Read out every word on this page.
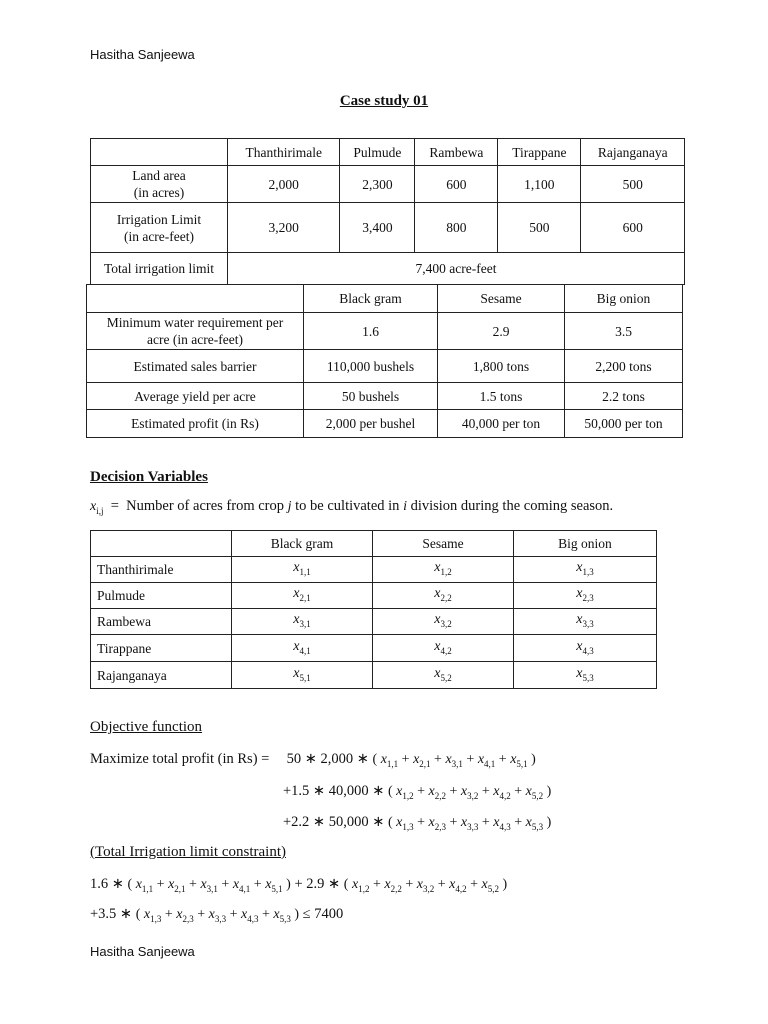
Hasitha Sanjeewa
Case study 01
	Thanthirimale	Pulmude	Rambewa	Tirappane	Rajanganaya
Land area
(in acres)	2,000	2,300	600	1,100	500
Irrigation Limit
(in acre-feet)	3,200	3,400	800	500	600
Total irrigation limit	7,400 acre-feet				
	Black gram	Sesame	Big onion
Minimum water requirement per
acre (in acre-feet)	1.6	2.9	3.5
Estimated sales barrier	110,000 bushels	1,800 tons	2,200 tons
Average yield per acre	50 bushels	1.5 tons	2.2 tons
Estimated profit (in Rs)	2,000 per bushel	40,000 per ton	50,000 per ton
Decision Variables
$x_{i,j}$  =  Number of acres from crop j to be cultivated in i division during the coming season.
	Black gram	Sesame	Big onion
Thanthirimale	$x_{1,1}$	$x_{1,2}$	$x_{1,3}$
Pulmude	$x_{2,1}$	$x_{2,2}$	$x_{2,3}$
Rambewa	$x_{3,1}$	$x_{3,2}$	$x_{3,3}$
Tirappane	$x_{4,1}$	$x_{4,2}$	$x_{4,3}$
Rajanganaya	$x_{5,1}$	$x_{5,2}$	$x_{5,3}$
Objective function
Maximize total profit (in Rs) = 50 ∗ 2,000 ∗ ( $x_{1,1} + x_{2,1} + x_{3,1} + x_{4,1} + x_{5,1}$ )
+1.5 ∗ 40,000 ∗ ( $x_{1,2} + x_{2,2} + x_{3,2} + x_{4,2} + x_{5,2}$ )
+2.2 ∗ 50,000 ∗ ( $x_{1,3} + x_{2,3} + x_{3,3} + x_{4,3} + x_{5,3}$ )
(Total Irrigation limit constraint)
1.6 ∗ ( $x_{1,1} + x_{2,1} + x_{3,1} + x_{4,1} + x_{5,1}$ ) + 2.9 ∗ ( $x_{1,2} + x_{2,2} + x_{3,2} + x_{4,2} + x_{5,2}$ )
+3.5 ∗ ( $x_{1,3} + x_{2,3} + x_{3,3} + x_{4,3} + x_{5,3}$ ) ≤ 7400
Hasitha Sanjeewa
